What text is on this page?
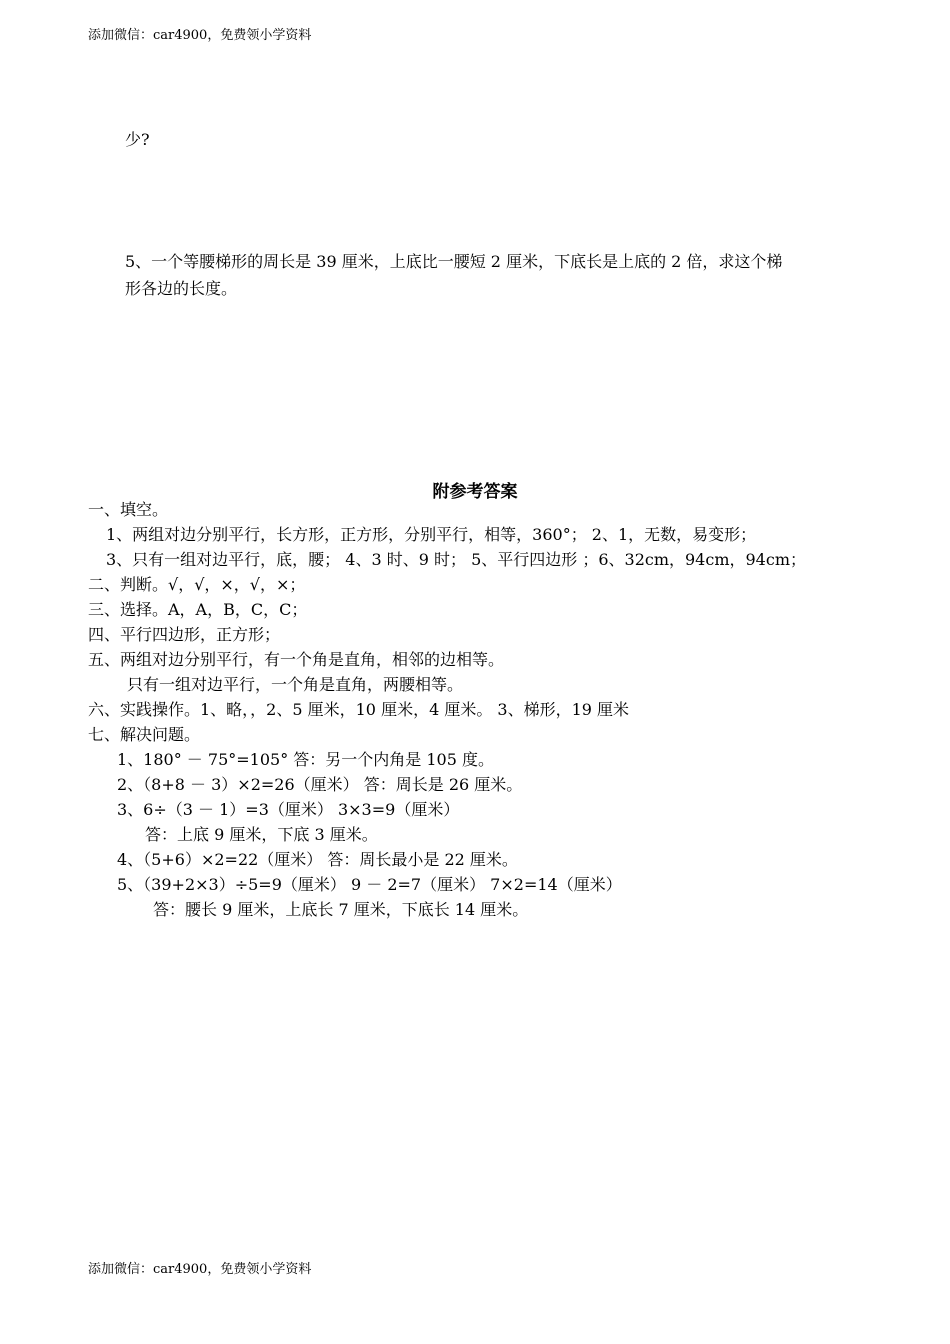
添加微信：car4900，免费领小学资料
少?
5、一个等腰梯形的周长是 39 厘米，上底比一腰短 2 厘米，下底长是上底的 2 倍，求这个梯
形各边的长度。
附参考答案
一、填空。
1、两组对边分别平行，长方形，正方形，分别平行，相等，360°； 2、1，无数，易变形；
3、只有一组对边平行，底，腰； 4、3 时、9 时； 5、平行四边形 ；6、32cm，94cm，94cm；
二、判断。√，√，×，√，×；
三、选择。A，A，B，C，C；
四、平行四边形，正方形；
五、两组对边分别平行，有一个角是直角，相邻的边相等。
只有一组对边平行，一个角是直角，两腰相等。
六、实践操作。1、略，，2、5 厘米，10 厘米，4 厘米。 3、梯形，19 厘米
七、解决问题。
1、180° － 75°=105° 答：另一个内角是 105 度。
2、（8+8 － 3）×2=26（厘米） 答：周长是 26 厘米。
3、6÷（3 － 1）=3（厘米） 3×3=9（厘米）
答：上底 9 厘米，下底 3 厘米。
4、（5+6）×2=22（厘米） 答：周长最小是 22 厘米。
5、（39+2×3）÷5=9（厘米） 9 － 2=7（厘米） 7×2=14（厘米）
答：腰长 9 厘米，上底长 7 厘米，下底长 14 厘米。
添加微信：car4900，免费领小学资料
